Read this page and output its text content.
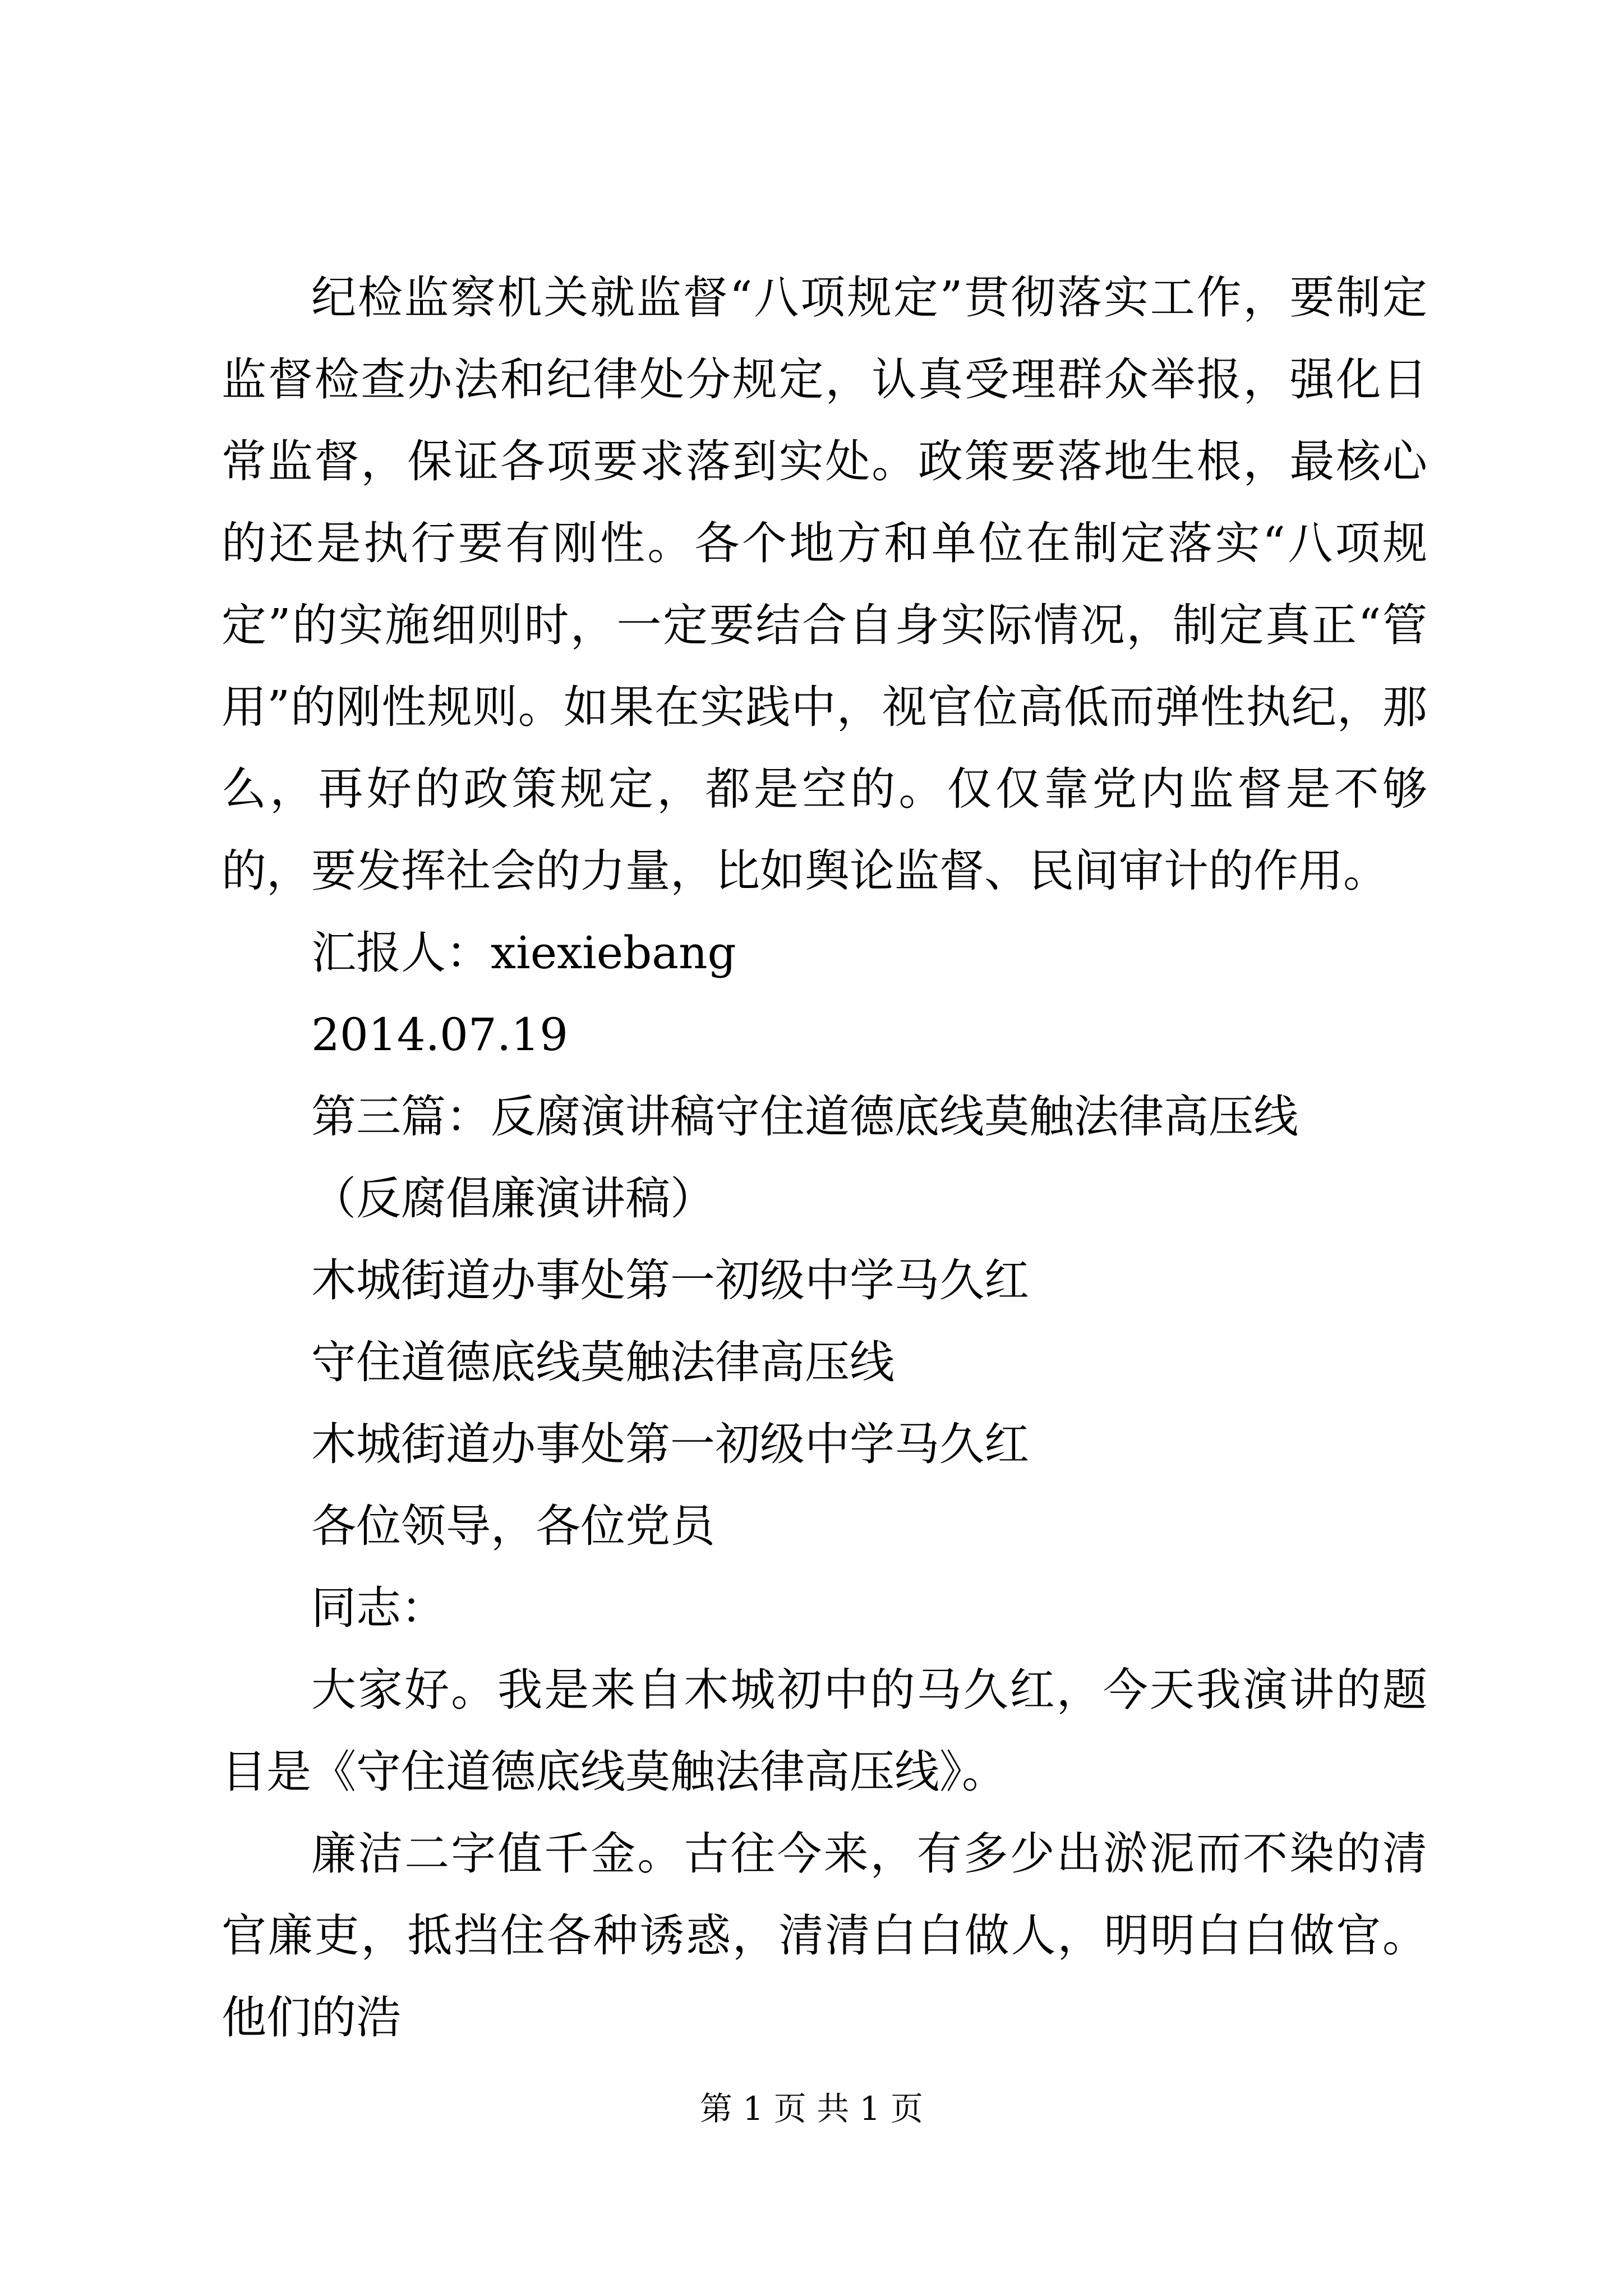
纪检监察机关就监督“八项规定”贯彻落实工作，要制定监督检查办法和纪律处分规定，认真受理群众举报，强化日常监督，保证各项要求落到实处。政策要落地生根，最核心的还是执行要有刚性。各个地方和单位在制定落实“八项规定”的实施细则时，一定要结合自身实际情况，制定真正“管用”的刚性规则。如果在实践中，视官位高低而弹性执纪，那么，再好的政策规定，都是空的。仅仅靠党内监督是不够的，要发挥社会的力量，比如舆论监督、民间审计的作用。

汇报人：xiexiebang

2014.07.19

第三篇：反腐演讲稿守住道德底线莫触法律高压线

（反腐倡廉演讲稿）

木城街道办事处第一初级中学马久红

守住道德底线莫触法律高压线

木城街道办事处第一初级中学马久红

各位领导，各位党员

同志：

大家好。我是来自木城初中的马久红，今天我演讲的题目是《守住道德底线莫触法律高压线》。

廉洁二字值千金。古往今来，有多少出淤泥而不染的清官廉吏，抵挡住各种诱惑，清清白白做人，明明白白做官。他们的浩

第 1 页 共 1 页
